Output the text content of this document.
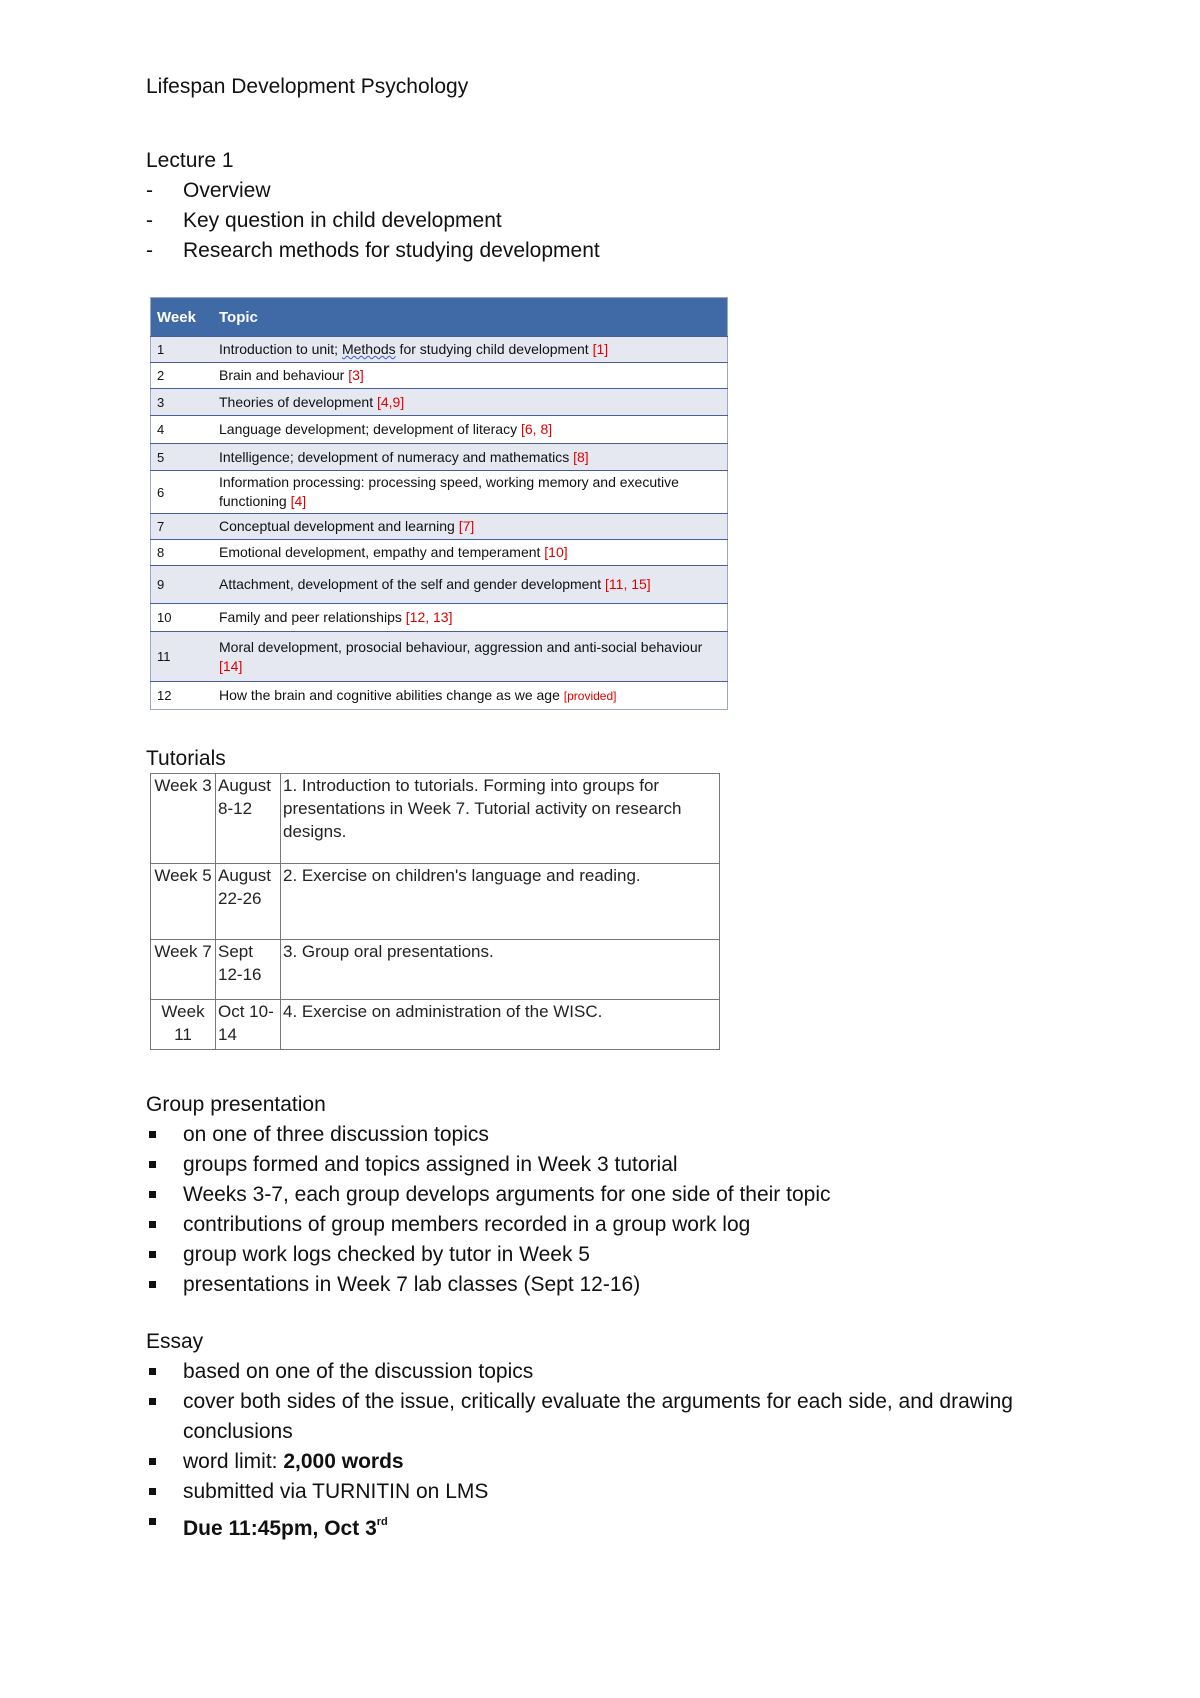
Lifespan Development Psychology
Lecture 1
- Overview
- Key question in child development
- Research methods for studying development
Week	Topic
1	Introduction to unit; Methods for studying child development [1]
2	Brain and behaviour [3]
3	Theories of development [4,9]
4	Language development; development of literacy [6, 8]
5	Intelligence; development of numeracy and mathematics [8]
6	Information processing: processing speed, working memory and executive functioning [4]
7	Conceptual development and learning [7]
8	Emotional development, empathy and temperament [10]
9	Attachment, development of the self and gender development [11, 15]
10	Family and peer relationships [12, 13]
11	Moral development, prosocial behaviour, aggression and anti-social behaviour [14]
12	How the brain and cognitive abilities change as we age [provided]
Tutorials
Week 3	August 8-12	1. Introduction to tutorials. Forming into groups for presentations in Week 7. Tutorial activity on research designs.
Week 5	August 22-26	2. Exercise on children's language and reading.
Week 7	Sept 12-16	3. Group oral presentations.
Week 11	Oct 10-14	4. Exercise on administration of the WISC.
Group presentation
on one of three discussion topics
groups formed and topics assigned in Week 3 tutorial
Weeks 3-7, each group develops arguments for one side of their topic
contributions of group members recorded in a group work log
group work logs checked by tutor in Week 5
presentations in Week 7 lab classes (Sept 12-16)
Essay
based on one of the discussion topics
cover both sides of the issue, critically evaluate the arguments for each side, and drawing conclusions
word limit: 2,000 words
submitted via TURNITIN on LMS
Due 11:45pm, Oct 3rd
